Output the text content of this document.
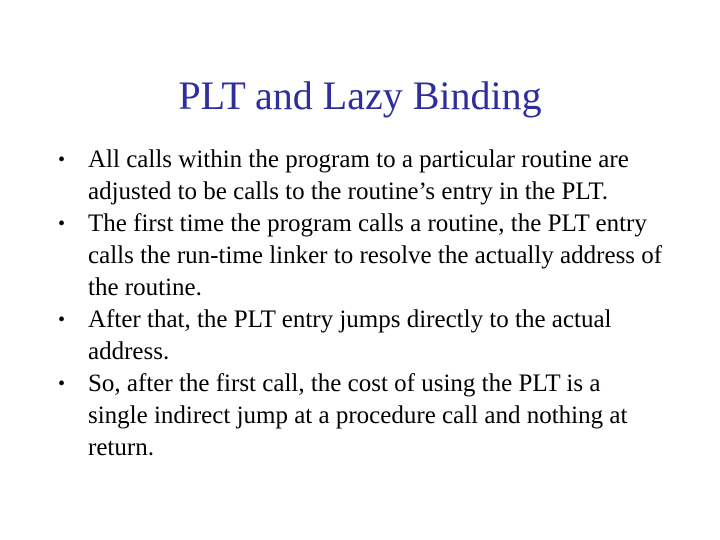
PLT and Lazy Binding
• All calls within the program to a particular routine are adjusted to be calls to the routine’s entry in the PLT.
• The first time the program calls a routine, the PLT entry calls the run-time linker to resolve the actually address of the routine.
• After that, the PLT entry jumps directly to the actual address.
• So, after the first call, the cost of using the PLT is a single indirect jump at a procedure call and nothing at return.
